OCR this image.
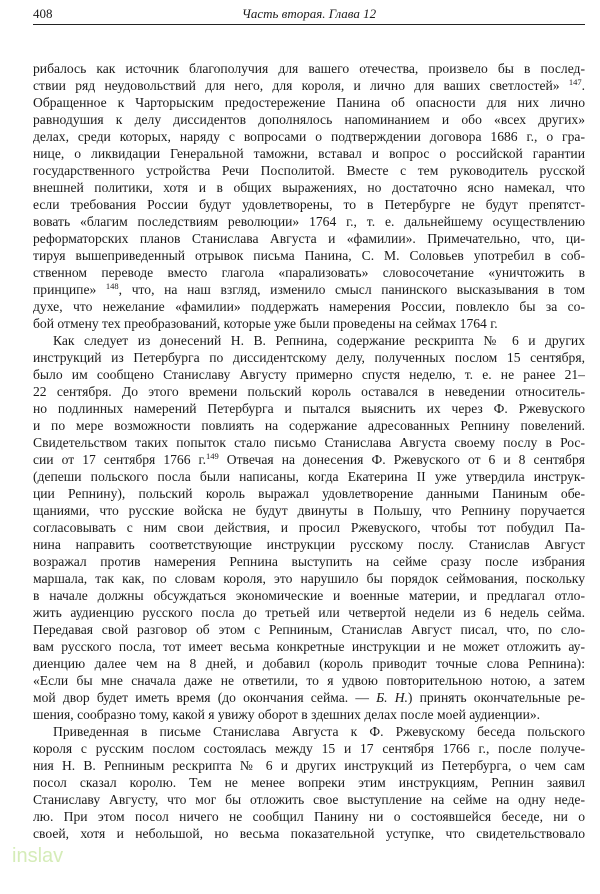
408	Часть вторая. Глава 12
рибалось как источник благополучия для вашего отечества, произвело бы в послед-
ствии ряд неудовольствий для него, для короля, и лично для ваших светлостей» $^{147}$.
Обращенное к Чарторыским предостережение Панина об опасности для них лично
равнодушия к делу диссидентов дополнялось напоминанием и обо «всех других»
делах, среди которых, наряду с вопросами о подтверждении договора 1686 г., о гра-
нице, о ликвидации Генеральной таможни, вставал и вопрос о российской гарантии
государственного устройства Речи Посполитой. Вместе с тем руководитель русской
внешней политики, хотя и в общих выражениях, но достаточно ясно намекал, что
если требования России будут удовлетворены, то в Петербурге не будут препятст-
вовать «благим последствиям революции» 1764 г., т. е. дальнейшему осуществлению
реформаторских планов Станислава Августа и «фамилии». Примечательно, что, ци-
тируя вышеприведенный отрывок письма Панина, С. М. Соловьев употребил в соб-
ственном переводе вместо глагола «парализовать» словосочетание «уничтожить в
принципе» $^{148}$, что, на наш взгляд, изменило смысл панинского высказывания в том
духе, что нежелание «фамилии» поддержать намерения России, повлекло бы за со-
бой отмену тех преобразований, которые уже были проведены на сеймах 1764 г.
Как следует из донесений Н. В. Репнина, содержание рескрипта № 6 и других
инструкций из Петербурга по диссидентскому делу, полученных послом 15 сентября,
было им сообщено Станиславу Августу примерно спустя неделю, т. е. не ранее 21–
22 сентября. До этого времени польский король оставался в неведении относитель-
но подлинных намерений Петербурга и пытался выяснить их через Ф. Ржевуского
и по мере возможности повлиять на содержание адресованных Репнину повелений.
Свидетельством таких попыток стало письмо Станислава Августа своему послу в Рос-
сии от 17 сентября 1766 г.$^{149}$ Отвечая на донесения Ф. Ржевуского от 6 и 8 сентября
(депеши польского посла были написаны, когда Екатерина II уже утвердила инструк-
ции Репнину), польский король выражал удовлетворение данными Паниным обе-
щаниями, что русские войска не будут двинуты в Польшу, что Репнину поручается
согласовывать с ним свои действия, и просил Ржевуского, чтобы тот побудил Па-
нина направить соответствующие инструкции русскому послу. Станислав Август
возражал против намерения Репнина выступить на сейме сразу после избрания
маршала, так как, по словам короля, это нарушило бы порядок сеймования, поскольку
в начале должны обсуждаться экономические и военные материи, и предлагал отло-
жить аудиенцию русского посла до третьей или четвертой недели из 6 недель сейма.
Передавая свой разговор об этом с Репниным, Станислав Август писал, что, по сло-
вам русского посла, тот имеет весьма конкретные инструкции и не может отложить ау-
диенцию далее чем на 8 дней, и добавил (король приводит точные слова Репнина):
«Если бы мне сначала даже не ответили, то я удвою повторительною нотою, а затем
мой двор будет иметь время (до окончания сейма. — Б. Н.) принять окончательные ре-
шения, сообразно тому, какой я увижу оборот в здешних делах после моей аудиенции».
Приведенная в письме Станислава Августа к Ф. Ржевускому беседа польского
короля с русским послом состоялась между 15 и 17 сентября 1766 г., после получе-
ния Н. В. Репниным рескрипта № 6 и других инструкций из Петербурга, о чем сам
посол сказал королю. Тем не менее вопреки этим инструкциям, Репнин заявил
Станиславу Августу, что мог бы отложить свое выступление на сейме на одну неде-
лю. При этом посол ничего не сообщил Панину ни о состоявшейся беседе, ни о
своей, хотя и небольшой, но весьма показательной уступке, что свидетельствовало
inslav
